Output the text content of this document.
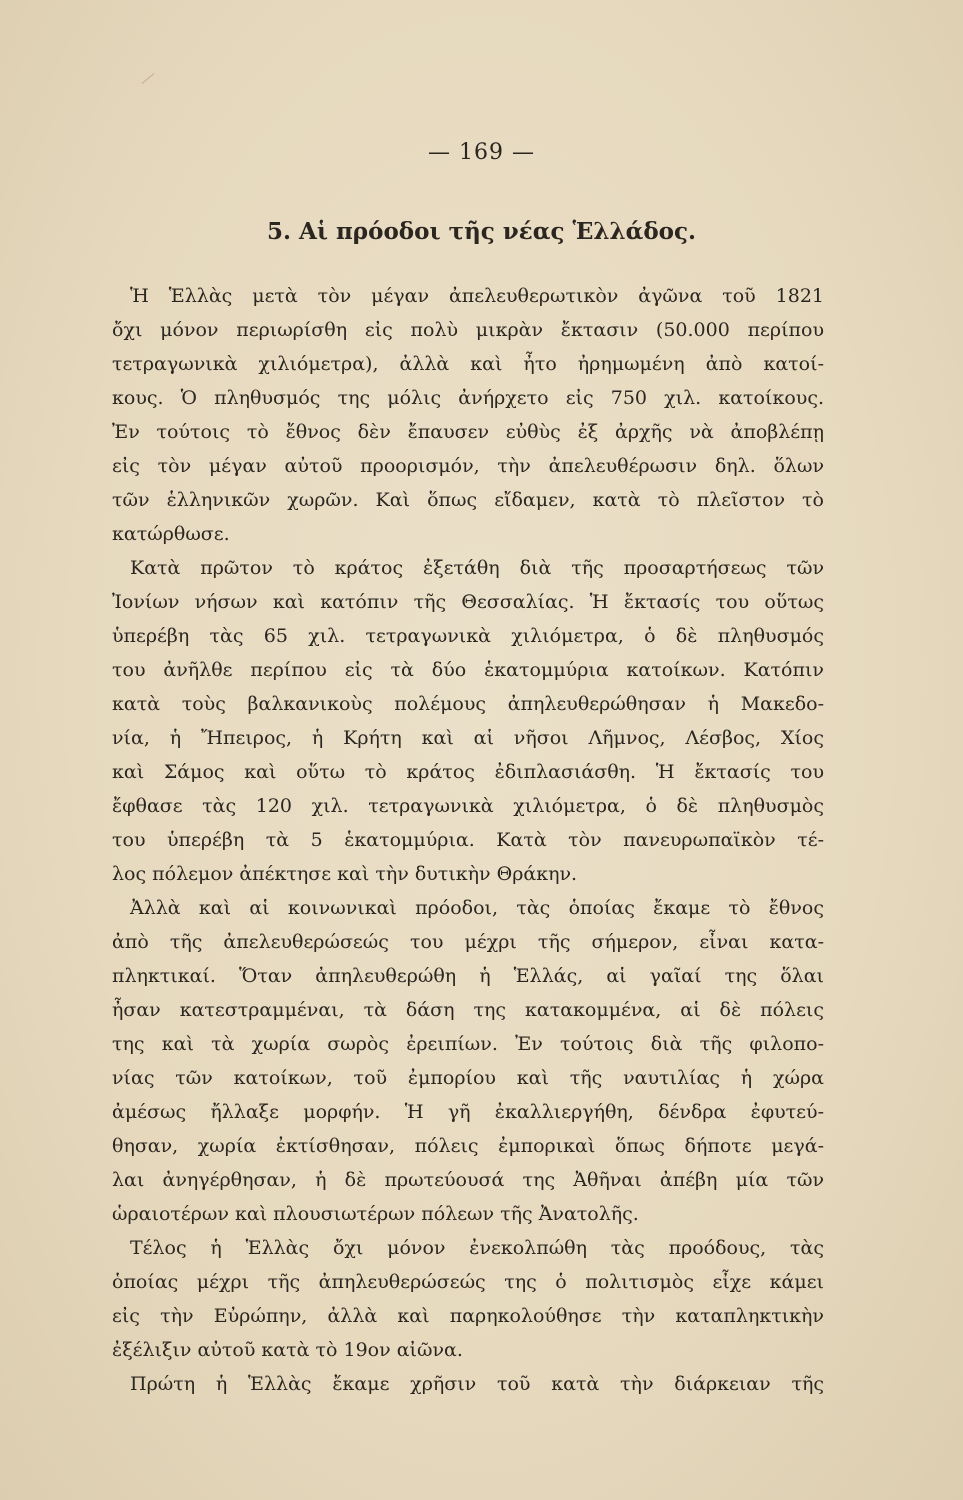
— 169 —
5. Αἱ πρόοδοι τῆς νέας Ἑλλάδος.
Ἡ Ἑλλὰς μετὰ τὸν μέγαν ἀπελευθερωτικὸν ἀγῶνα τοῦ 1821
ὄχι μόνον περιωρίσθη εἰς πολὺ μικρὰν ἔκτασιν (50.000 περίπου
τετραγωνικὰ χιλιόμετρα), ἀλλὰ καὶ ἦτο ἠρημωμένη ἀπὸ κατοί-
κους. Ὁ πληθυσμός της μόλις ἀνήρχετο εἰς 750 χιλ. κατοίκους.
Ἐν τούτοις τὸ ἔθνος δὲν ἔπαυσεν εὐθὺς ἐξ ἀρχῆς νὰ ἀποβλέπῃ
εἰς τὸν μέγαν αὐτοῦ προορισμόν, τὴν ἀπελευθέρωσιν δηλ. ὅλων
τῶν ἑλληνικῶν χωρῶν. Καὶ ὅπως εἴδαμεν, κατὰ τὸ πλεῖστον τὸ
κατώρθωσε.
Κατὰ πρῶτον τὸ κράτος ἐξετάθη διὰ τῆς προσαρτήσεως τῶν
Ἰονίων νήσων καὶ κατόπιν τῆς Θεσσαλίας. Ἡ ἔκτασίς του οὕτως
ὑπερέβη τὰς 65 χιλ. τετραγωνικὰ χιλιόμετρα, ὁ δὲ πληθυσμός
του ἀνῆλθε περίπου εἰς τὰ δύο ἑκατομμύρια κατοίκων. Κατόπιν
κατὰ τοὺς βαλκανικοὺς πολέμους ἀπηλευθερώθησαν ἡ Μακεδο-
νία, ἡ Ἤπειρος, ἡ Κρήτη καὶ αἱ νῆσοι Λῆμνος, Λέσβος, Χίος
καὶ Σάμος καὶ οὕτω τὸ κράτος ἐδιπλασιάσθη. Ἡ ἔκτασίς του
ἔφθασε τὰς 120 χιλ. τετραγωνικὰ χιλιόμετρα, ὁ δὲ πληθυσμὸς
του ὑπερέβη τὰ 5 ἑκατομμύρια. Κατὰ τὸν πανευρωπαϊκὸν τέ-
λος πόλεμον ἀπέκτησε καὶ τὴν δυτικὴν Θράκην.
Ἀλλὰ καὶ αἱ κοινωνικαὶ πρόοδοι, τὰς ὁποίας ἔκαμε τὸ ἔθνος
ἀπὸ τῆς ἀπελευθερώσεώς του μέχρι τῆς σήμερον, εἶναι κατα-
πληκτικαί. Ὅταν ἀπηλευθερώθη ἡ Ἑλλάς, αἱ γαῖαί της ὅλαι
ἦσαν κατεστραμμέναι, τὰ δάση της κατακομμένα, αἱ δὲ πόλεις
της καὶ τὰ χωρία σωρὸς ἐρειπίων. Ἐν τούτοις διὰ τῆς φιλοπο-
νίας τῶν κατοίκων, τοῦ ἐμπορίου καὶ τῆς ναυτιλίας ἡ χώρα
ἀμέσως ἤλλαξε μορφήν. Ἡ γῆ ἐκαλλιεργήθη, δένδρα ἐφυτεύ-
θησαν, χωρία ἐκτίσθησαν, πόλεις ἐμπορικαὶ ὅπως δήποτε μεγά-
λαι ἀνηγέρθησαν, ἡ δὲ πρωτεύουσά της Ἀθῆναι ἀπέβη μία τῶν
ὡραιοτέρων καὶ πλουσιωτέρων πόλεων τῆς Ἀνατολῆς.
Τέλος ἡ Ἑλλὰς ὄχι μόνον ἐνεκολπώθη τὰς προόδους, τὰς
ὁποίας μέχρι τῆς ἀπηλευθερώσεώς της ὁ πολιτισμὸς εἶχε κάμει
εἰς τὴν Εὐρώπην, ἀλλὰ καὶ παρηκολούθησε τὴν καταπληκτικὴν
ἐξέλιξιν αὐτοῦ κατὰ τὸ 19ον αἰῶνα.
Πρώτη ἡ Ἑλλὰς ἔκαμε χρῆσιν τοῦ κατὰ τὴν διάρκειαν τῆς
